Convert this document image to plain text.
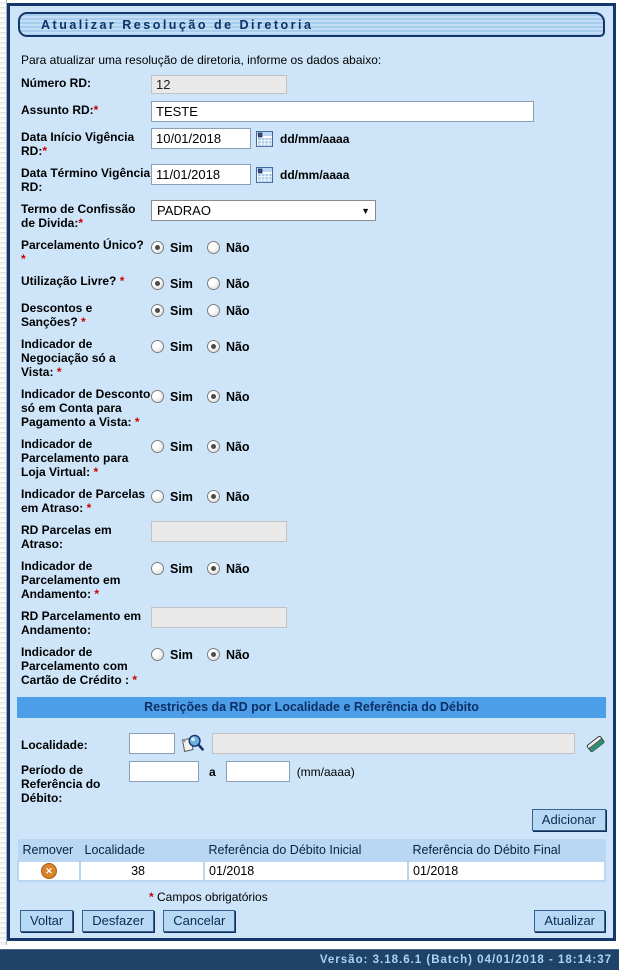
Atualizar Resolução de Diretoria
Para atualizar uma resolução de diretoria, informe os dados abaixo:
Número RD:
12
Assunto RD:*
TESTE
Data Início Vigência RD:*
10/01/2018
dd/mm/aaaa
Data Término Vigência RD:
11/01/2018
dd/mm/aaaa
Termo de Confissão de Divida:*
PADRAO	▼
Parcelamento Único? *
Sim	Não
Utilização Livre? *	Sim	Não
Descontos e Sanções? *
Sim	Não
Indicador de Negociação só a Vista: *
Sim	Não
Indicador de Desconto só em Conta para Pagamento a Vista: *
Sim	Não
Indicador de Parcelamento para Loja Virtual: *
Sim	Não
Indicador de Parcelas em Atraso: *
Sim	Não
RD Parcelas em Atraso:
Indicador de Parcelamento em Andamento: *
Sim	Não
RD Parcelamento em Andamento:
Indicador de Parcelamento com Cartão de Crédito : *
Sim	Não
Restrições da RD por Localidade e Referência do Débito
Localidade:
Período de Referência do Débito:
a	(mm/aaaa)
Adicionar
Remover	Localidade	Referência do Débito Inicial	Referência do Débito Final
✕	38	01/2018	01/2018
* Campos obrigatórios
Voltar	Desfazer	Cancelar	Atualizar
Versão: 3.18.6.1 (Batch) 04/01/2018 - 18:14:37
